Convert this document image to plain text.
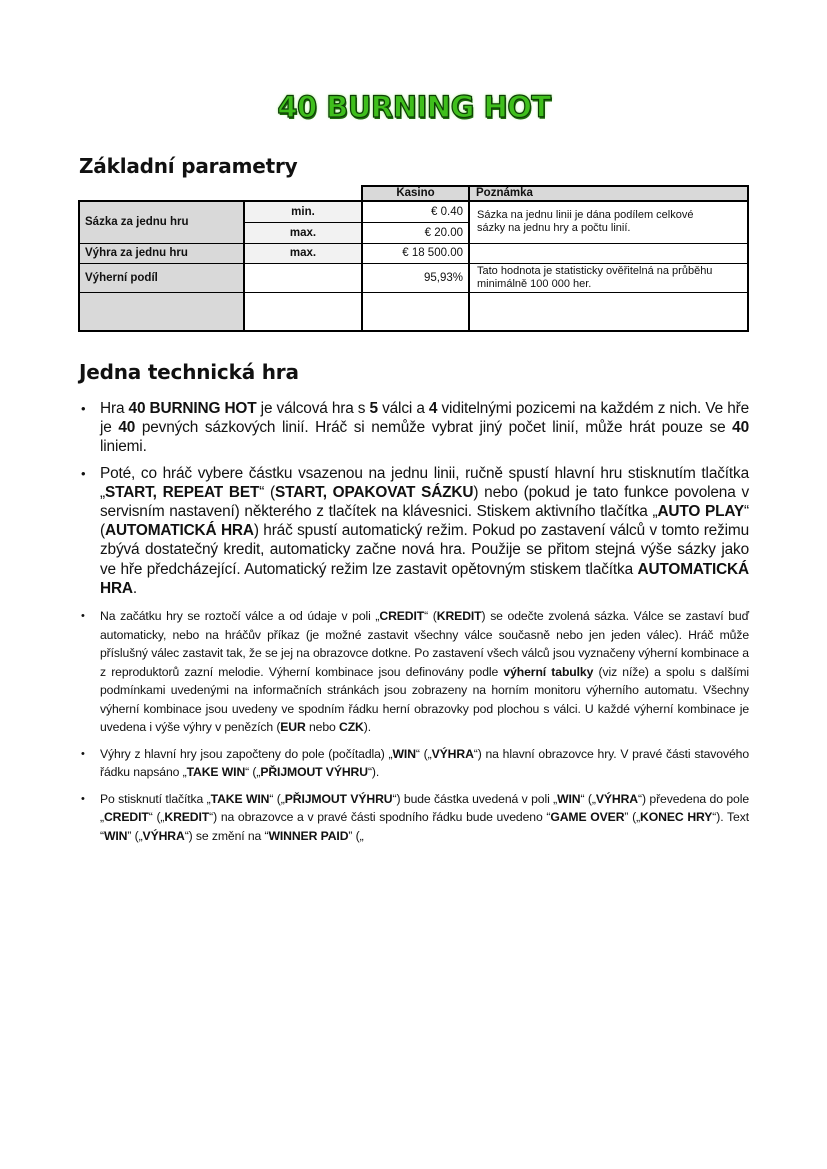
40 BURNING HOT
Základní parametry
Kasino	Poznámka
Sázka za jednu hru
Výhra za jednu hru
Výherní podíl
min.
max.
max.
€ 0.40
€ 20.00
€ 18 500.00
95,93%
Sázka na jednu linii je dána podílem celkové sázky na jednu hry a počtu linií.
Tato hodnota je statisticky ověřitelná na průběhu minimálně 100 000 her.
Jedna technická hra
• Hra 40 BURNING HOT je válcová hra s 5 válci a 4 viditelnými pozicemi na každém z nich. Ve hře je 40 pevných sázkových linií. Hráč si nemůže vybrat jiný počet linií, může hrát pouze se 40 liniemi.
• Poté, co hráč vybere částku vsazenou na jednu linii, ručně spustí hlavní hru stisknutím tlačítka „START, REPEAT BET“ (START, OPAKOVAT SÁZKU) nebo (pokud je tato funkce povolena v servisním nastavení) některého z tlačítek na klávesnici. Stiskem aktivního tlačítka „AUTO PLAY“ (AUTOMATICKÁ HRA) hráč spustí automatický režim. Pokud po zastavení válců v tomto režimu zbývá dostatečný kredit, automaticky začne nová hra. Použije se přitom stejná výše sázky jako ve hře předcházející. Automatický režim lze zastavit opětovným stiskem tlačítka AUTOMATICKÁ HRA.
• Na začátku hry se roztočí válce a od údaje v poli „CREDIT“ (KREDIT) se odečte zvolená sázka. Válce se zastaví buď automaticky, nebo na hráčův příkaz (je možné zastavit všechny válce současně nebo jen jeden válec). Hráč může příslušný válec zastavit tak, že se jej na obrazovce dotkne. Po zastavení všech válců jsou vyznačeny výherní kombinace a z reproduktorů zazní melodie. Výherní kombinace jsou definovány podle výherní tabulky (viz níže) a spolu s dalšími podmínkami uvedenými na informačních stránkách jsou zobrazeny na horním monitoru výherního automatu. Všechny výherní kombinace jsou uvedeny ve spodním řádku herní obrazovky pod plochou s válci. U každé výherní kombinace je uvedena i výše výhry v penězích (EUR nebo CZK).
• Výhry z hlavní hry jsou započteny do pole (počítadla) „WIN“ („VÝHRA“) na hlavní obrazovce hry. V pravé části stavového řádku napsáno „TAKE WIN“ („PŘIJMOUT VÝHRU“).
• Po stisknutí tlačítka „TAKE WIN“ („PŘIJMOUT VÝHRU“) bude částka uvedená v poli „WIN“ („VÝHRA“) převedena do pole „CREDIT“ („KREDIT“) na obrazovce a v pravé části spodního řádku bude uvedeno “GAME OVER” („KONEC HRY“). Text “WIN” („VÝHRA“) se změní na “WINNER PAID” („
